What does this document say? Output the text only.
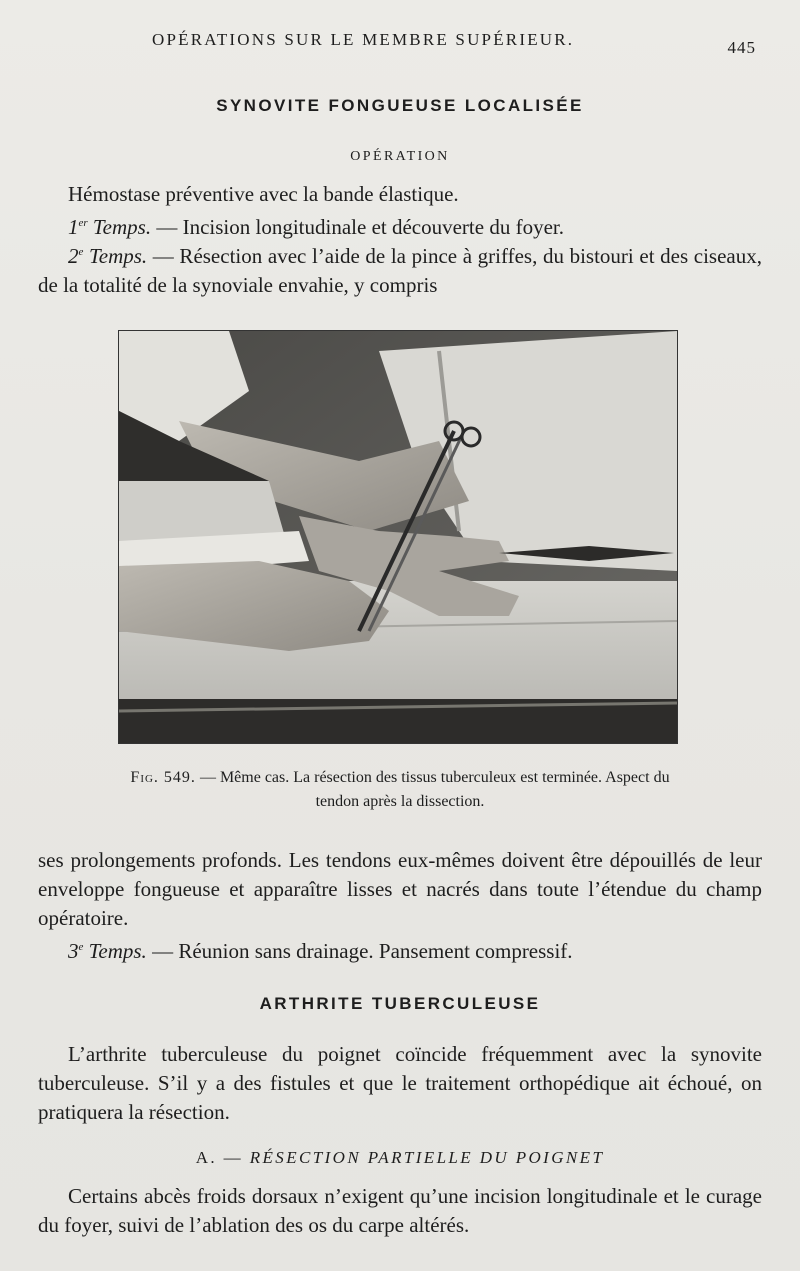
OPÉRATIONS SUR LE MEMBRE SUPÉRIEUR.	445
SYNOVITE FONGUEUSE LOCALISÉE
OPÉRATION
Hémostase préventive avec la bande élastique.
1er Temps. — Incision longitudinale et découverte du foyer.
2e Temps. — Résection avec l’aide de la pince à griffes, du bistouri et des ciseaux, de la totalité de la synoviale envahie, y compris
Fig. 549. — Même cas. La résection des tissus tuberculeux est terminée. Aspect du tendon après la dissection.
ses prolongements profonds. Les tendons eux-mêmes doivent être dépouillés de leur enveloppe fongueuse et apparaître lisses et nacrés dans toute l’étendue du champ opératoire.
3e Temps. — Réunion sans drainage. Pansement compressif.
ARTHRITE TUBERCULEUSE
L’arthrite tuberculeuse du poignet coïncide fréquemment avec la synovite tuberculeuse. S’il y a des fistules et que le traitement orthopédique ait échoué, on pratiquera la résection.
A. — RÉSECTION PARTIELLE DU POIGNET
Certains abcès froids dorsaux n’exigent qu’une incision longitudinale et le curage du foyer, suivi de l’ablation des os du carpe altérés.
